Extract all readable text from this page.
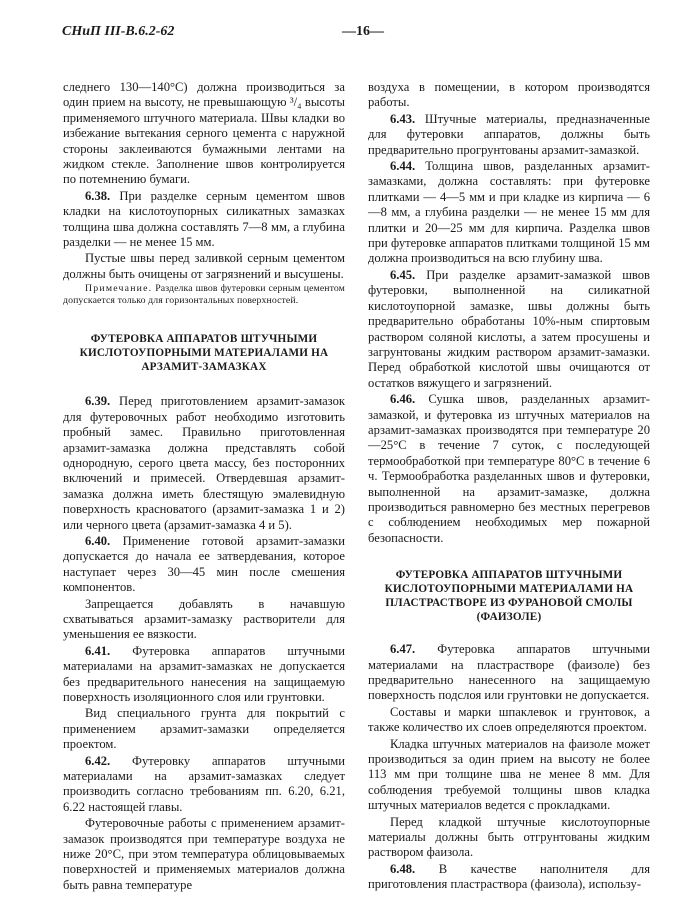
СНиП III-В.6.2-62	—16—

следнего 130—140°С) должна производиться за один прием на высоту, не превышающую ³/₄ высоты применяемого штучного материала. Швы кладки во избежание вытекания серного цемента с наружной стороны заклеиваются бумажными лентами на жидком стекле. Заполнение швов контролируется по потемнению бумаги.

6.38. При разделке серным цементом швов кладки на кислотоупорных силикатных замазках толщина шва должна составлять 7—8 мм, а глубина разделки — не менее 15 мм.

Пустые швы перед заливкой серным цементом должны быть очищены от загрязнений и высушены.

Примечание. Разделка швов футеровки серным цементом допускается только для горизонтальных поверхностей.

ФУТЕРОВКА АППАРАТОВ ШТУЧНЫМИ КИСЛОТОУПОРНЫМИ МАТЕРИАЛАМИ НА АРЗАМИТ-ЗАМАЗКАХ

6.39. Перед приготовлением арзамит-замазок для футеровочных работ необходимо изготовить пробный замес. Правильно приготовленная арзамит-замазка должна представлять собой однородную, серого цвета массу, без посторонних включений и примесей. Отвердевшая арзамит-замазка должна иметь блестящую эмалевидную поверхность красноватого (арзамит-замазка 1 и 2) или черного цвета (арзамит-замазка 4 и 5).

6.40. Применение готовой арзамит-замазки допускается до начала ее затвердевания, которое наступает через 30—45 мин после смешения компонентов.

Запрещается добавлять в начавшую схватываться арзамит-замазку растворители для уменьшения ее вязкости.

6.41. Футеровка аппаратов штучными материалами на арзамит-замазках не допускается без предварительного нанесения на защищаемую поверхность изоляционного слоя или грунтовки.

Вид специального грунта для покрытий с применением арзамит-замазки определяется проектом.

6.42. Футеровку аппаратов штучными материалами на арзамит-замазках следует производить согласно требованиям пп. 6.20, 6.21, 6.22 настоящей главы.

Футеровочные работы с применением арзамит-замазок производятся при температуре воздуха не ниже 20°С, при этом температура облицовываемых поверхностей и применяемых материалов должна быть равна температуре

воздуха в помещении, в котором производятся работы.

6.43. Штучные материалы, предназначенные для футеровки аппаратов, должны быть предварительно прогрунтованы арзамит-замазкой.

6.44. Толщина швов, разделанных арзамит-замазками, должна составлять: при футеровке плитками — 4—5 мм и при кладке из кирпича — 6—8 мм, а глубина разделки — не менее 15 мм для плитки и 20—25 мм для кирпича. Разделка швов при футеровке аппаратов плитками толщиной 15 мм должна производиться на всю глубину шва.

6.45. При разделке арзамит-замазкой швов футеровки, выполненной на силикатной кислотоупорной замазке, швы должны быть предварительно обработаны 10%-ным спиртовым раствором соляной кислоты, а затем просушены и загрунтованы жидким раствором арзамит-замазки. Перед обработкой кислотой швы очищаются от остатков вяжущего и загрязнений.

6.46. Сушка швов, разделанных арзамит-замазкой, и футеровка из штучных материалов на арзамит-замазках производятся при температуре 20—25°С в течение 7 суток, с последующей термообработкой при температуре 80°С в течение 6 ч. Термообработка разделанных швов и футеровки, выполненной на арзамит-замазке, должна производиться равномерно без местных перегревов с соблюдением необходимых мер пожарной безопасности.

ФУТЕРОВКА АППАРАТОВ ШТУЧНЫМИ КИСЛОТОУПОРНЫМИ МАТЕРИАЛАМИ НА ПЛАСТРАСТВОРЕ ИЗ ФУРАНОВОЙ СМОЛЫ (ФАИЗОЛЕ)

6.47. Футеровка аппаратов штучными материалами на пластрастворе (фаизоле) без предварительно нанесенного на защищаемую поверхность подслоя или грунтовки не допускается.

Составы и марки шпаклевок и грунтовок, а также количество их слоев определяются проектом.

Кладка штучных материалов на фаизоле может производиться за один прием на высоту не более 113 мм при толщине шва не менее 8 мм. Для соблюдения требуемой толщины швов кладка штучных материалов ведется с прокладками.

Перед кладкой штучные кислотоупорные материалы должны быть отгрунтованы жидким раствором фаизола.

6.48. В качестве наполнителя для приготовления пластраствора (фаизола), использу-
